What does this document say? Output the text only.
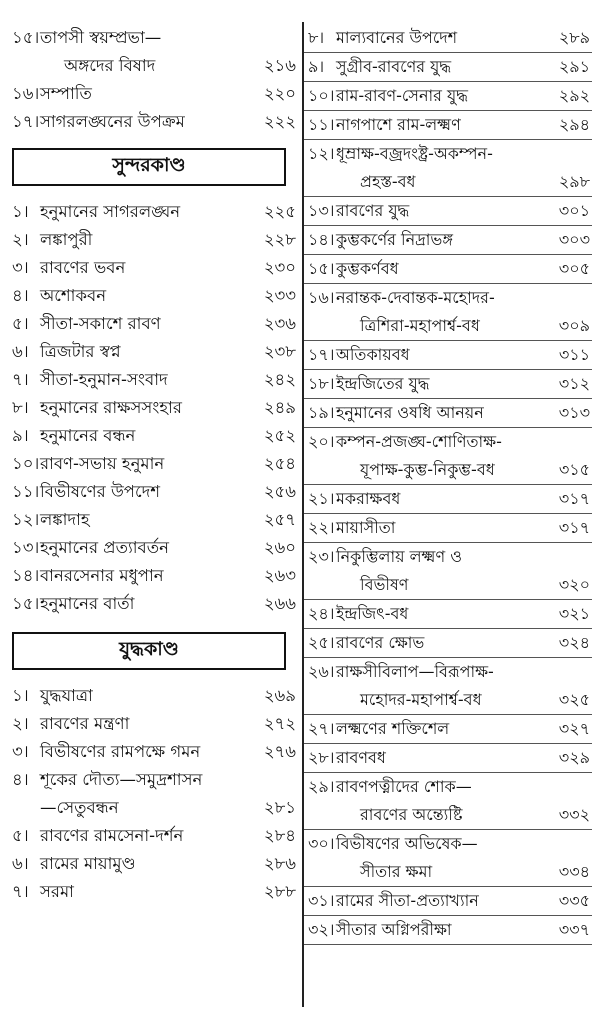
১৫। তাপসী স্বয়ম্প্রভা—
অঙ্গদের বিষাদ	২১৬
১৬। সম্পাতি	২২০
১৭। সাগরলঙ্ঘনের উপক্রম	২২২
সুন্দরকাণ্ড
১। হনুমানের সাগরলঙ্ঘন	২২৫
২। লঙ্কাপুরী	২২৮
৩। রাবণের ভবন	২৩০
৪। অশোকবন	২৩৩
৫। সীতা-সকাশে রাবণ	২৩৬
৬। ত্রিজটার স্বপ্ন	২৩৮
৭। সীতা-হনুমান-সংবাদ	২৪২
৮। হনুমানের রাক্ষসসংহার	২৪৯
৯। হনুমানের বন্ধন	২৫২
১০। রাবণ-সভায় হনুমান	২৫৪
১১। বিভীষণের উপদেশ	২৫৬
১২। লঙ্কাদাহ	২৫৭
১৩। হনুমানের প্রত্যাবর্তন	২৬০
১৪। বানরসেনার মধুপান	২৬৩
১৫। হনুমানের বার্তা	২৬৬
যুদ্ধকাণ্ড
১। যুদ্ধযাত্রা	২৬৯
২। রাবণের মন্ত্রণা	২৭২
৩। বিভীষণের রামপক্ষে গমন	২৭৬
৪। শূকের দৌত্য—সমুদ্রশাসন
—সেতুবন্ধন	২৮১
৫। রাবণের রামসেনা-দর্শন	২৮৪
৬। রামের মায়ামুণ্ড	২৮৬
৭। সরমা	২৮৮
৮। মাল্যবানের উপদেশ	২৮৯
৯। সুগ্রীব-রাবণের যুদ্ধ	২৯১
১০। রাম-রাবণ-সেনার যুদ্ধ	২৯২
১১। নাগপাশে রাম-লক্ষ্মণ	২৯৪
১২। ধূম্রাক্ষ-বজ্রদংষ্ট্র-অকম্পন-
প্রহস্ত-বধ	২৯৮
১৩। রাবণের যুদ্ধ	৩০১
১৪। কুম্ভকর্ণের নিদ্রাভঙ্গ	৩০৩
১৫। কুম্ভকর্ণবধ	৩০৫
১৬। নরান্তক-দেবান্তক-মহোদর-
ত্রিশিরা-মহাপার্শ্ব-বধ	৩০৯
১৭। অতিকায়বধ	৩১১
১৮। ইন্দ্রজিতের যুদ্ধ	৩১২
১৯। হনুমানের ওষধি আনয়ন	৩১৩
২০। কম্পন-প্রজঙ্ঘ-শোণিতাক্ষ-
যূপাক্ষ-কুম্ভ-নিকুম্ভ-বধ	৩১৫
২১। মকরাক্ষবধ	৩১৭
২২। মায়াসীতা	৩১৭
২৩। নিকুম্ভিলায় লক্ষ্মণ ও
বিভীষণ	৩২০
২৪। ইন্দ্রজিৎ-বধ	৩২১
২৫। রাবণের ক্ষোভ	৩২৪
২৬। রাক্ষসীবিলাপ—বিরূপাক্ষ-
মহোদর-মহাপার্শ্ব-বধ	৩২৫
২৭। লক্ষ্মণের শক্তিশেল	৩২৭
২৮। রাবণবধ	৩২৯
২৯। রাবণপত্নীদের শোক—
রাবণের অন্ত্যেষ্টি	৩৩২
৩০। বিভীষণের অভিষেক—
সীতার ক্ষমা	৩৩৪
৩১। রামের সীতা-প্রত্যাখ্যান	৩৩৫
৩২। সীতার অগ্নিপরীক্ষা	৩৩৭
